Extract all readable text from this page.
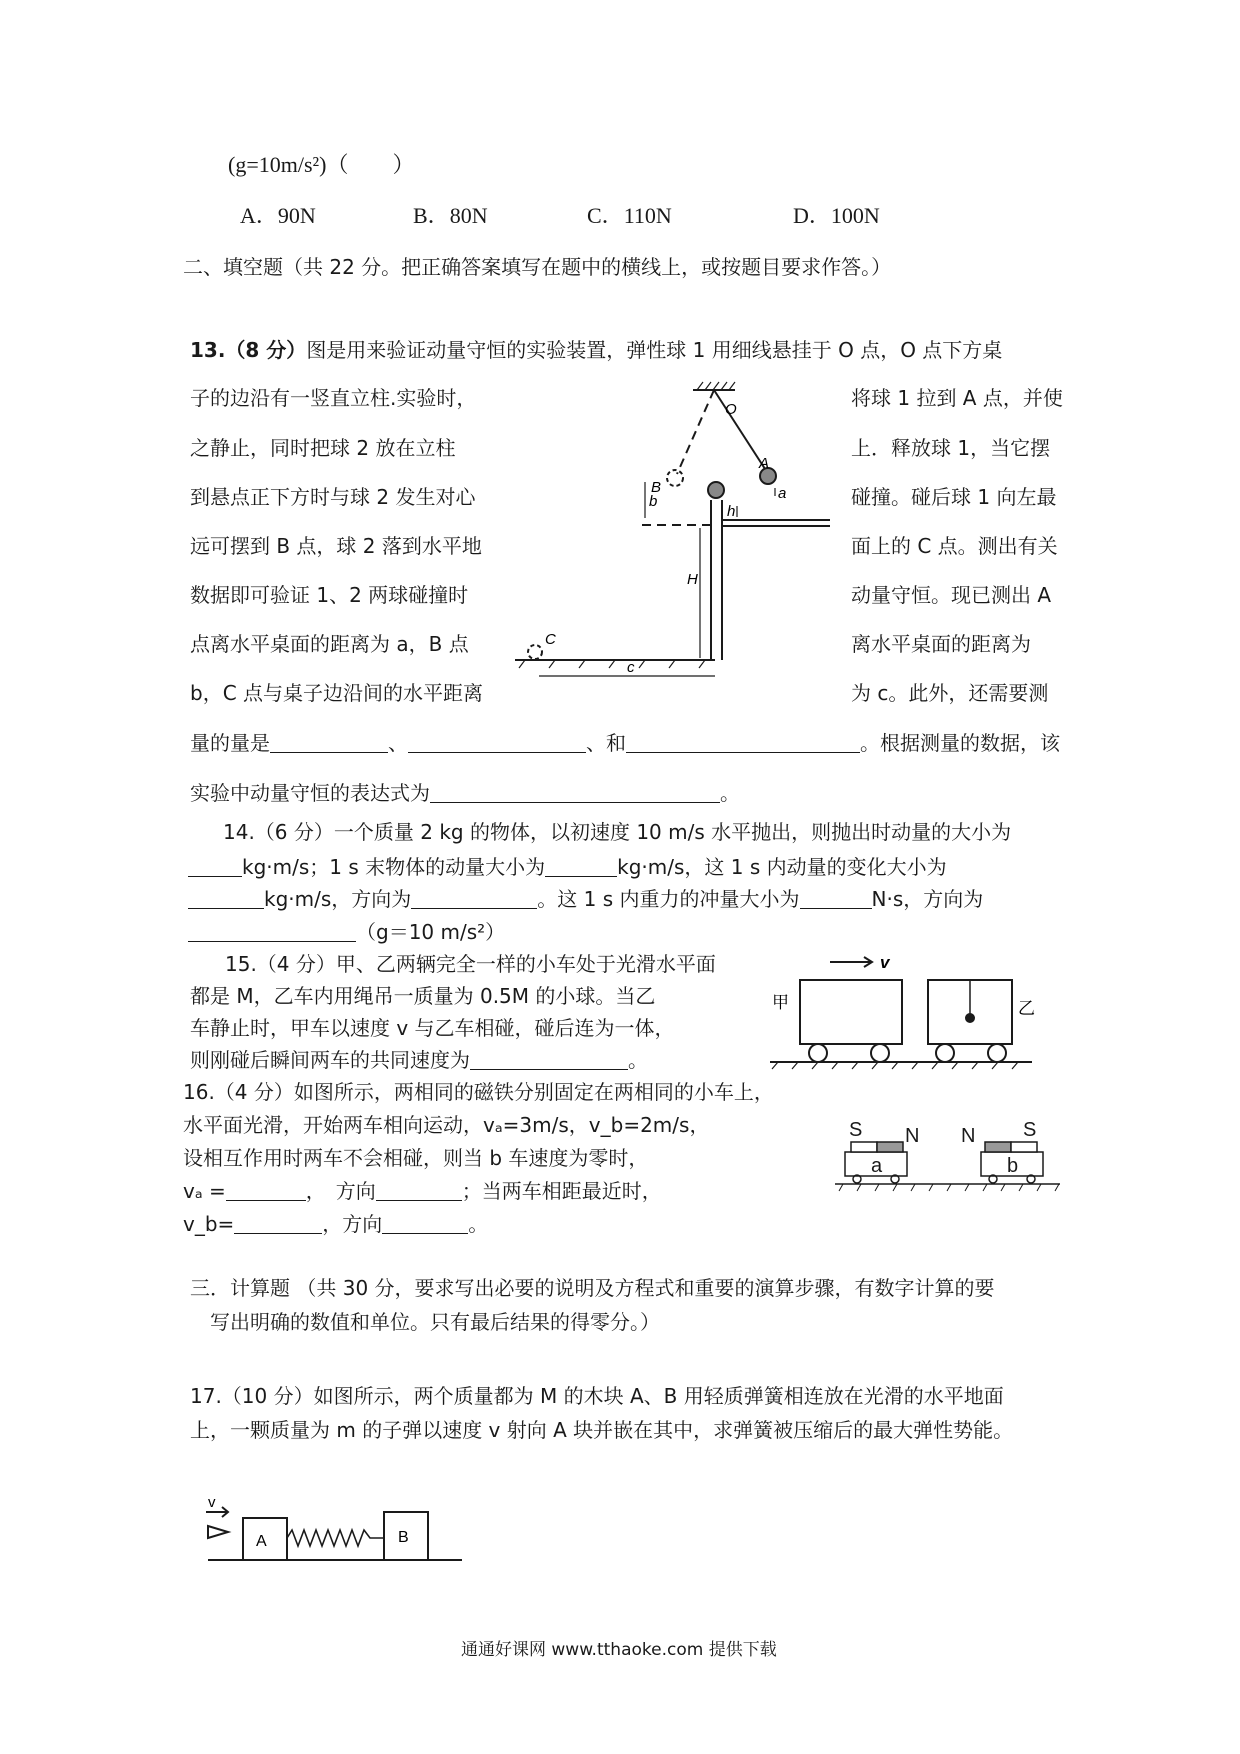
(g=10m/s²)（　　）
A．90N	B．80N	C．110N	D．100N
二、填空题（共 22 分。把正确答案填写在题中的横线上，或按题目要求作答。）
13.（8 分）图是用来验证动量守恒的实验装置，弹性球 1 用细线悬挂于 O 点，O 点下方桌
子的边沿有一竖直立柱.实验时，
之静止，同时把球 2 放在立柱
到悬点正下方时与球 2 发生对心
远可摆到 B 点，球 2 落到水平地
数据即可验证 1、2 两球碰撞时
点离水平桌面的距离为 a，B 点
b，C 点与桌子边沿间的水平距离
将球 1 拉到 A 点，并使
上．释放球 1，当它摆
碰撞。碰后球 1 向左最
面上的 C 点。测出有关
动量守恒。现已测出 A
离水平桌面的距离为
为 c。此外，还需要测
量的量是	、	、和	。根据测量的数据，该
实验中动量守恒的表达式为	。
B
A
O
b	a
h
H
C
c
14.（6 分）一个质量 2 kg 的物体，以初速度 10 m/s 水平抛出，则抛出时动量的大小为
kg·m/s；1 s 末物体的动量大小为	kg·m/s，这 1 s 内动量的变化大小为
kg·m/s，方向为	。这 1 s 内重力的冲量大小为	N·s，方向为
（g＝10 m/s²）
15.（4 分）甲、乙两辆完全一样的小车处于光滑水平面
都是 M，乙车内用绳吊一质量为 0.5M 的小球。当乙
车静止时，甲车以速度 v 与乙车相碰，碰后连为一体，
则刚碰后瞬间两车的共同速度为	。
v
甲	乙
16.（4 分）如图所示，两相同的磁铁分别固定在两相同的小车上，
水平面光滑，开始两车相向运动，vₐ=3m/s，v_b=2m/s，
设相互作用时两车不会相碰，则当 b 车速度为零时，
vₐ =	，　方向	；当两车相距最近时，
v_b=	，方向	。
S N N S
a	b
三．计算题 （共 30 分，要求写出必要的说明及方程式和重要的演算步骤，有数字计算的要
写出明确的数值和单位。只有最后结果的得零分。）
17.（10 分）如图所示，两个质量都为 M 的木块 A、B 用轻质弹簧相连放在光滑的水平地面
上，一颗质量为 m 的子弹以速度 v 射向 A 块并嵌在其中，求弹簧被压缩后的最大弹性势能。
v
A	B
通通好课网 www.tthaoke.com 提供下载
